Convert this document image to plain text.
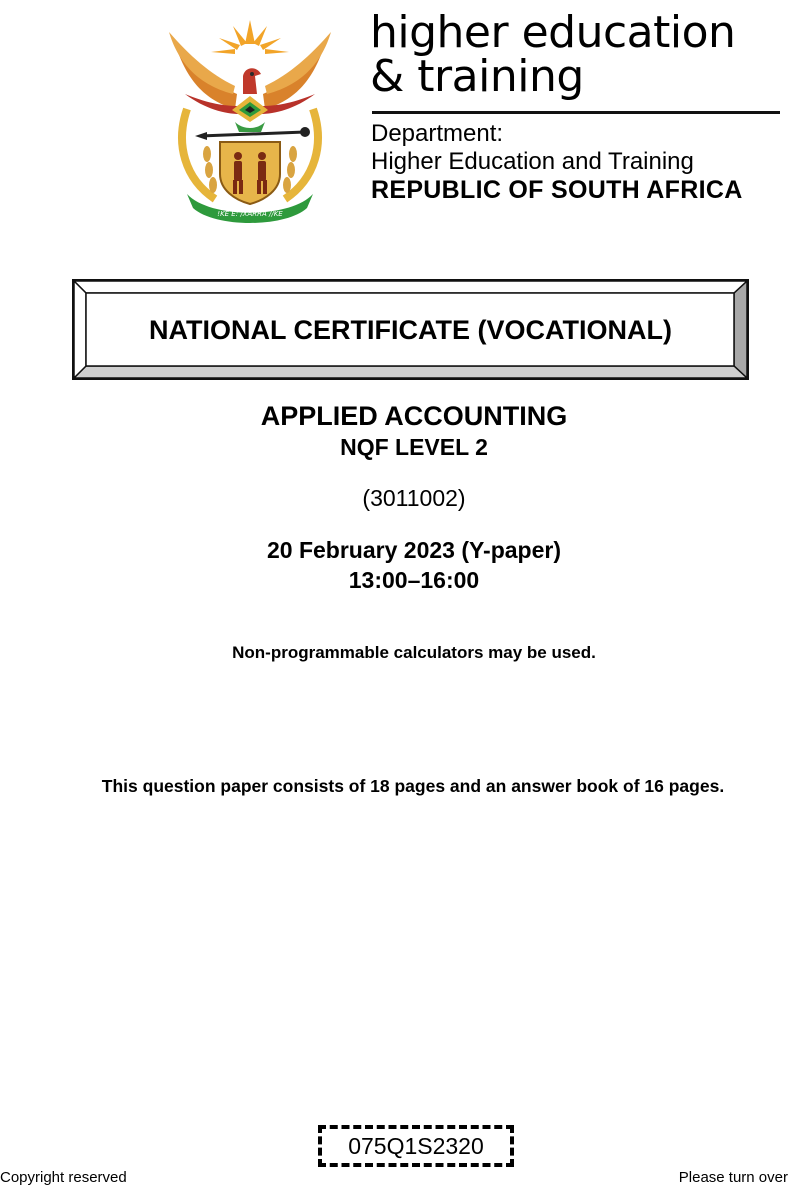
!KE E: /XARRA //KE
higher education
& training
Department:
Higher Education and Training
REPUBLIC OF SOUTH AFRICA
NATIONAL CERTIFICATE (VOCATIONAL)
APPLIED ACCOUNTING
NQF LEVEL 2
(3011002)
20 February 2023 (Y-paper)
13:00–16:00
Non-programmable calculators may be used.
This question paper consists of 18 pages and an answer book of 16 pages.
075Q1S2320
Copyright reserved	Please turn over
